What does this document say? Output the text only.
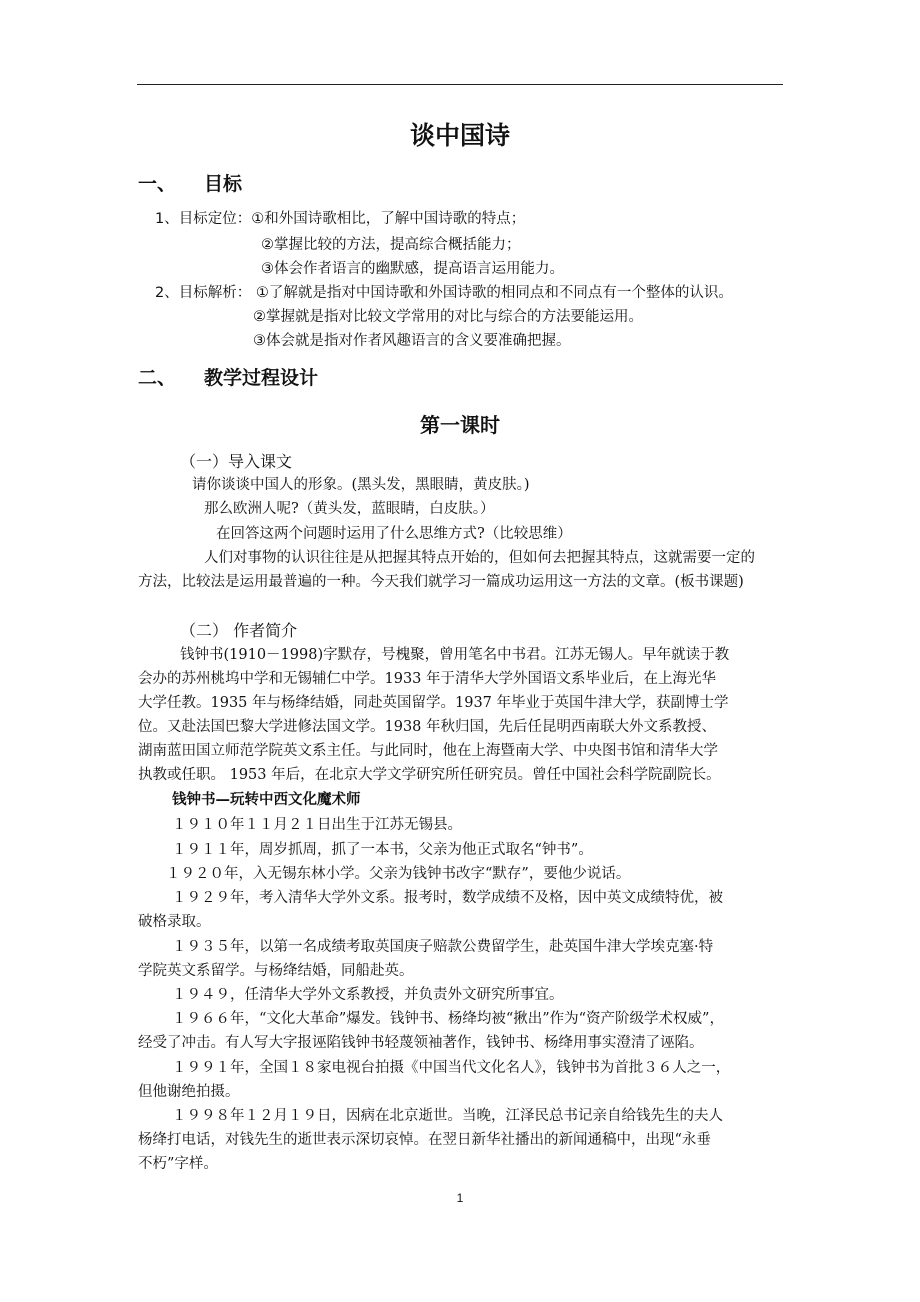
谈中国诗
一、 目标
1、目标定位：①和外国诗歌相比，了解中国诗歌的特点；
②掌握比较的方法，提高综合概括能力；
③体会作者语言的幽默感，提高语言运用能力。
2、目标解析： ①了解就是指对中国诗歌和外国诗歌的相同点和不同点有一个整体的认识。
②掌握就是指对比较文学常用的对比与综合的方法要能运用。
③体会就是指对作者风趣语言的含义要准确把握。
二、 教学过程设计
第一课时
（一）导入课文
请你谈谈中国人的形象。(黑头发，黑眼睛，黄皮肤。)
那么欧洲人呢?（黄头发，蓝眼睛，白皮肤。）
在回答这两个问题时运用了什么思维方式?（比较思维）
人们对事物的认识往往是从把握其特点开始的，但如何去把握其特点，这就需要一定的
方法，比较法是运用最普遍的一种。今天我们就学习一篇成功运用这一方法的文章。(板书课题)
（二） 作者简介
钱钟书(1910－1998)字默存，号槐聚，曾用笔名中书君。江苏无锡人。早年就读于教
会办的苏州桃坞中学和无锡辅仁中学。1933 年于清华大学外国语文系毕业后，在上海光华
大学任教。1935 年与杨绛结婚，同赴英国留学。1937 年毕业于英国牛津大学，获副博士学
位。又赴法国巴黎大学进修法国文学。1938 年秋归国，先后任昆明西南联大外文系教授、
湖南蓝田国立师范学院英文系主任。与此同时，他在上海暨南大学、中央图书馆和清华大学
执教或任职。 1953 年后，在北京大学文学研究所任研究员。曾任中国社会科学院副院长。
钱钟书—玩转中西文化魔术师
１９１０年１１月２１日出生于江苏无锡县。
１９１１年，周岁抓周，抓了一本书，父亲为他正式取名“钟书”。
１９２０年，入无锡东林小学。父亲为钱钟书改字“默存”，要他少说话。
１９２９年，考入清华大学外文系。报考时，数学成绩不及格，因中英文成绩特优，被
破格录取。
１９３５年，以第一名成绩考取英国庚子赔款公费留学生，赴英国牛津大学埃克塞·特
学院英文系留学。与杨绛结婚，同船赴英。
１９４９，任清华大学外文系教授，并负责外文研究所事宜。
１９６６年，“文化大革命”爆发。钱钟书、杨绛均被“揪出”作为“资产阶级学术权威”，
经受了冲击。有人写大字报诬陷钱钟书轻蔑领袖著作，钱钟书、杨绛用事实澄清了诬陷。
１９９１年，全国１８家电视台拍摄《中国当代文化名人》，钱钟书为首批３６人之一，
但他谢绝拍摄。
１９９８年１２月１９日，因病在北京逝世。当晚，江泽民总书记亲自给钱先生的夫人
杨绛打电话，对钱先生的逝世表示深切哀悼。在翌日新华社播出的新闻通稿中，出现“永垂
不朽”字样。
1
